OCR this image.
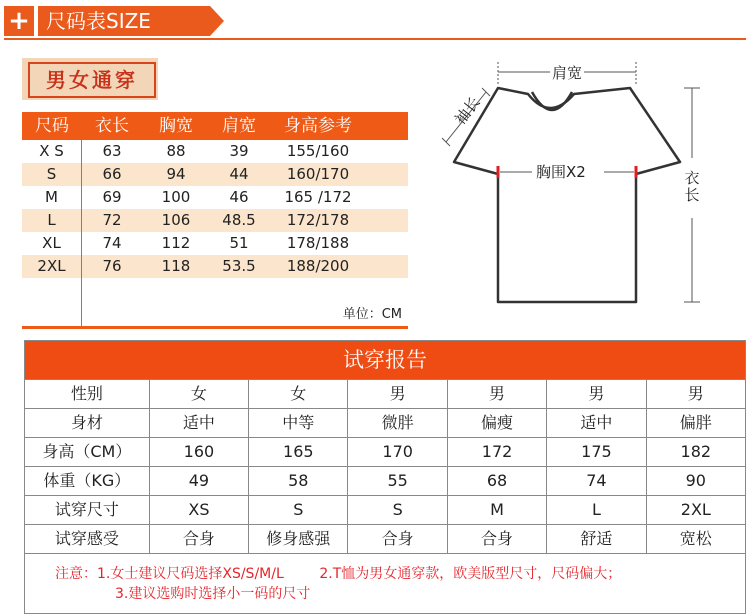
+ 尺码表SIZE
男女通穿
尺码	衣长	胸宽	肩宽	身高参考
X S	63	88	39	155/160
S	66	94	44	160/170
M	69	100	46	165 /172
L	72	106	48.5	172/178
XL	74	112	51	178/188
2XL	76	118	53.5	188/200
单位：CM
肩宽
袖长
胸围X2	衣长
试穿报告
性别	女	女	男	男	男	男
身材	适中	中等	微胖	偏瘦	适中	偏胖
身高（CM）	160	165	170	172	175	182
体重（KG）	49	58	55	68	74	90
试穿尺寸	XS	S	S	M	L	2XL
试穿感受	合身	修身感强	合身	合身	舒适	宽松
注意：1.女士建议尺码选择XS/S/M/L        2.T恤为男女通穿款，欧美版型尺寸，尺码偏大；
3.建议选购时选择小一码的尺寸
